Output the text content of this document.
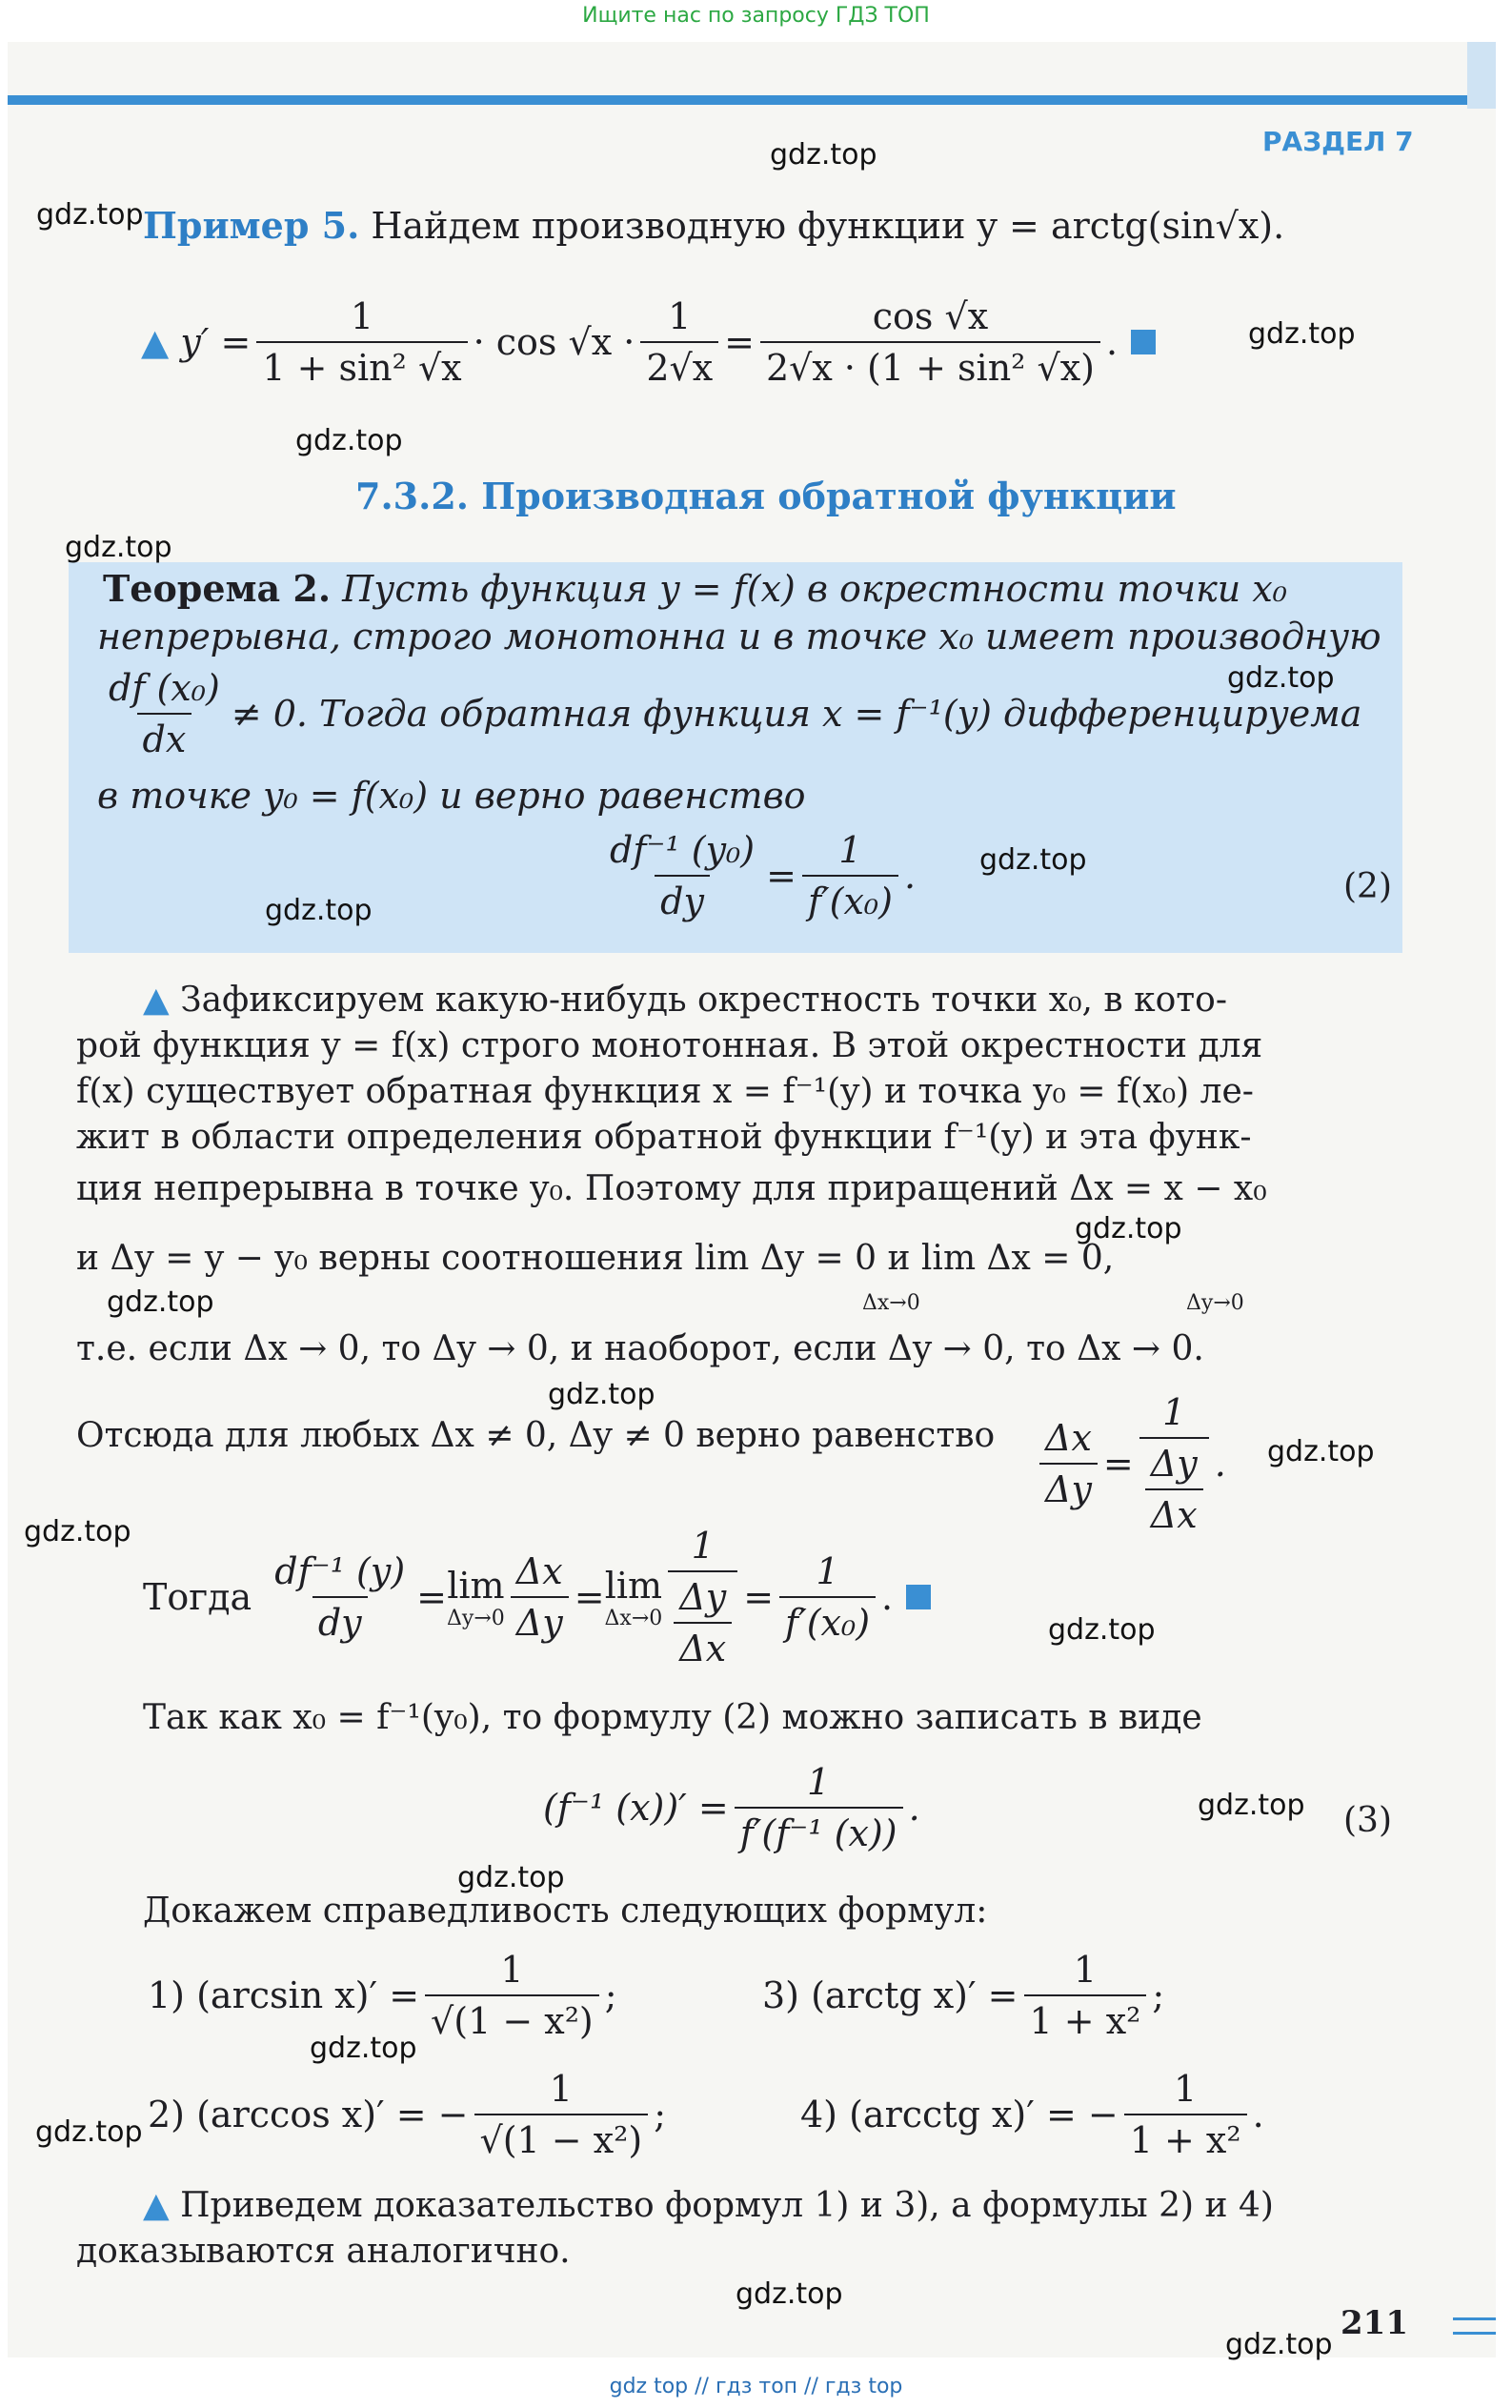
Ищите нас по запросу ГДЗ ТОП
РАЗДЕЛ 7
Пример 5. Найдем производную функции y = arctg(sin√x).
▲
$y' = \frac{1}{\text{1 + sin² √x}} \cdot \cos √x \cdot \frac{1}{2√x} = \frac{\cos √x}{\text{2√x · (1 + sin² √x)}}$ .
7.3.2. Производная обратной функции
Теорема 2. Пусть функция y = f(x) в окрестности точки x₀
непрерывна, строго монотонна и в точке x₀ имеет производную
$\frac{\text{df (x₀)}}{dx} \ne 0$. Тогда обратная функция x = f⁻¹(y) дифференцируема
в точке y₀ = f(x₀) и верно равенство
$\frac{\text{df⁻¹ (y₀)}}{dy} = \frac{1}{\text{f′(x₀)}}$ .	(2)
▲ Зафиксируем какую-нибудь окрестность точки x₀, в кото-
рой функция y = f(x) строго монотонная. В этой окрестности для
f(x) существует обратная функция x = f⁻¹(y) и точка y₀ = f(x₀) ле-
жит в области определения обратной функции f⁻¹(y) и эта функ-
ция непрерывна в точке y₀. Поэтому для приращений Δx = x − x₀
и Δy = y − y₀ верны соотношения lim Δy = 0 и lim Δx = 0,
Δx→0	Δy→0
т.е. если Δx → 0, то Δy → 0, и наоборот, если Δy → 0, то Δx → 0.
Отсюда для любых Δx ≠ 0, Δy ≠ 0 верно равенство $\frac{\Delta x}{\Delta y} = \frac{1}{\frac{\Delta y}{\Delta x}}$ .
Тогда
$\frac{\text{df⁻¹ (y)}}{dy} = \lim$
$\Delta y\to 0 \frac{\Delta x}{\Delta y} = \lim$
$\Delta x\to 0 \frac{1}{\frac{\Delta y}{\Delta x}} = \frac{1}{\text{f′(x₀)}}$ .
Так как x₀ = f⁻¹(y₀), то формулу (2) можно записать в виде
(f⁻¹ $(x))' = \frac{1}{\text{f′(f⁻¹ (x))}}$ .	(3)
Докажем справедливость следующих формул:
1)
(arcsin $x)' = \frac{1}{\text{√(1 − x²)}}$ ;	3)
(arctg $x)' = \frac{1}{\text{1 + x²}}$ ;
2)
(arccos x)′ = − $\frac{1}{\text{√(1 − x²)}}$ ;	4)
(arcctg x)′ = − $\frac{1}{\text{1 + x²}}$ .
▲ Приведем доказательство формул 1) и 3), а формулы 2) и 4)
доказываются аналогично.
211
gdz.top
gdz.top
gdz.top
gdz.top
gdz.top
gdz.top
gdz.top
gdz.top
gdz.top
gdz.top
gdz.top
gdz.top
gdz.top
gdz.top
gdz.top
gdz.top
gdz.top
gdz.top
gdz.top
gdz.top
gdz top // гдз топ // гдз top
